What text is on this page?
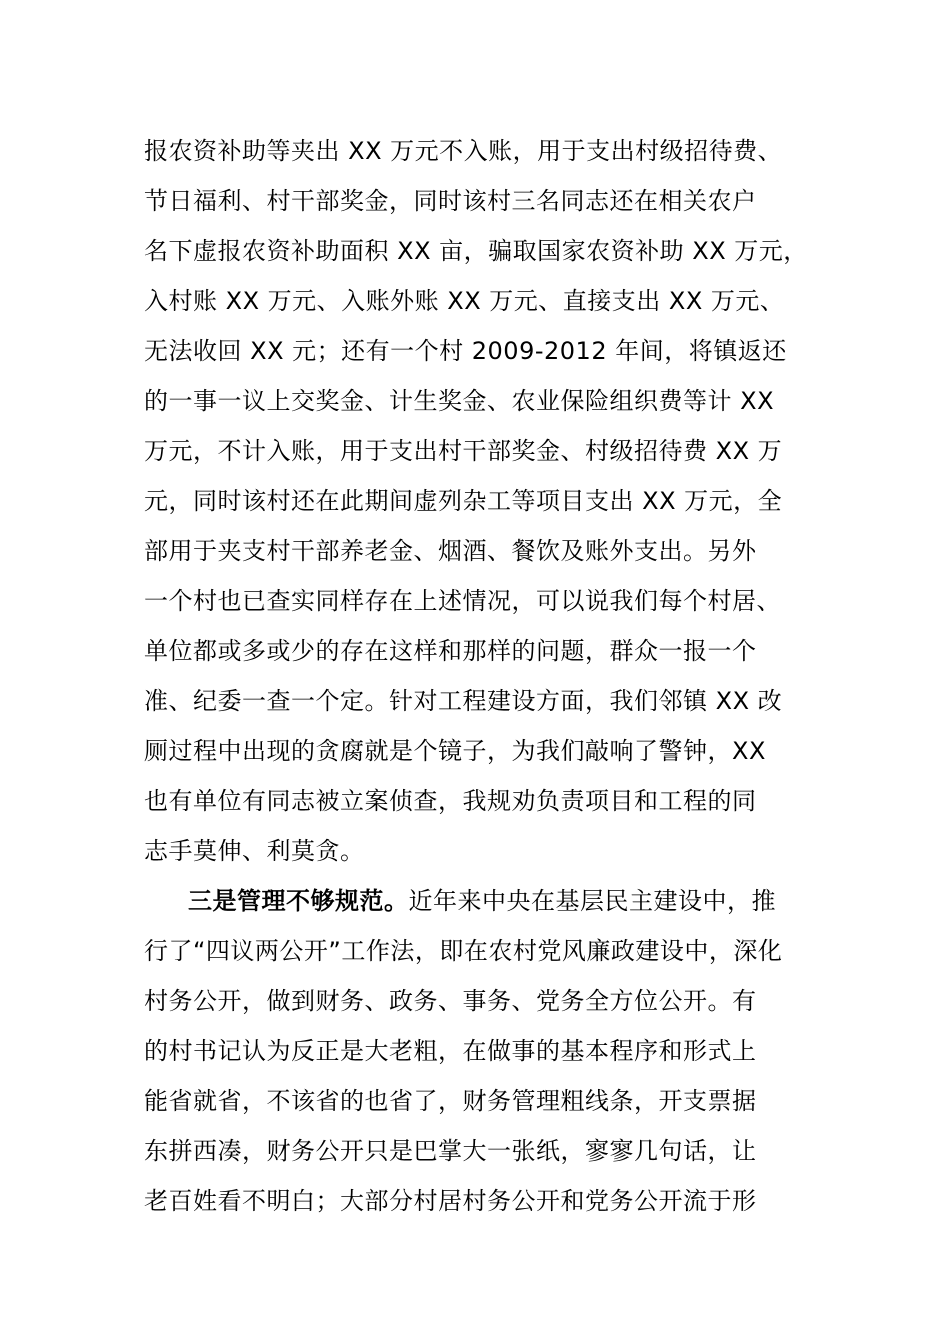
报农资补助等夹出 XX 万元不入账，用于支出村级招待费、
节日福利、村干部奖金，同时该村三名同志还在相关农户
名下虚报农资补助面积 XX 亩，骗取国家农资补助 XX 万元，
入村账 XX 万元、入账外账 XX 万元、直接支出 XX 万元、
无法收回 XX 元；还有一个村 2009-2012 年间，将镇返还
的一事一议上交奖金、计生奖金、农业保险组织费等计 XX
万元，不计入账，用于支出村干部奖金、村级招待费 XX 万
元，同时该村还在此期间虚列杂工等项目支出 XX 万元，全
部用于夹支村干部养老金、烟酒、餐饮及账外支出。另外
一个村也已查实同样存在上述情况，可以说我们每个村居、
单位都或多或少的存在这样和那样的问题，群众一报一个
准、纪委一查一个定。针对工程建设方面，我们邻镇 XX 改
厕过程中出现的贪腐就是个镜子，为我们敲响了警钟，XX
也有单位有同志被立案侦查，我规劝负责项目和工程的同
志手莫伸、利莫贪。
三是管理不够规范。近年来中央在基层民主建设中，推
行了“四议两公开”工作法，即在农村党风廉政建设中，深化
村务公开，做到财务、政务、事务、党务全方位公开。有
的村书记认为反正是大老粗，在做事的基本程序和形式上
能省就省，不该省的也省了，财务管理粗线条，开支票据
东拼西凑，财务公开只是巴掌大一张纸，寥寥几句话，让
老百姓看不明白；大部分村居村务公开和党务公开流于形
